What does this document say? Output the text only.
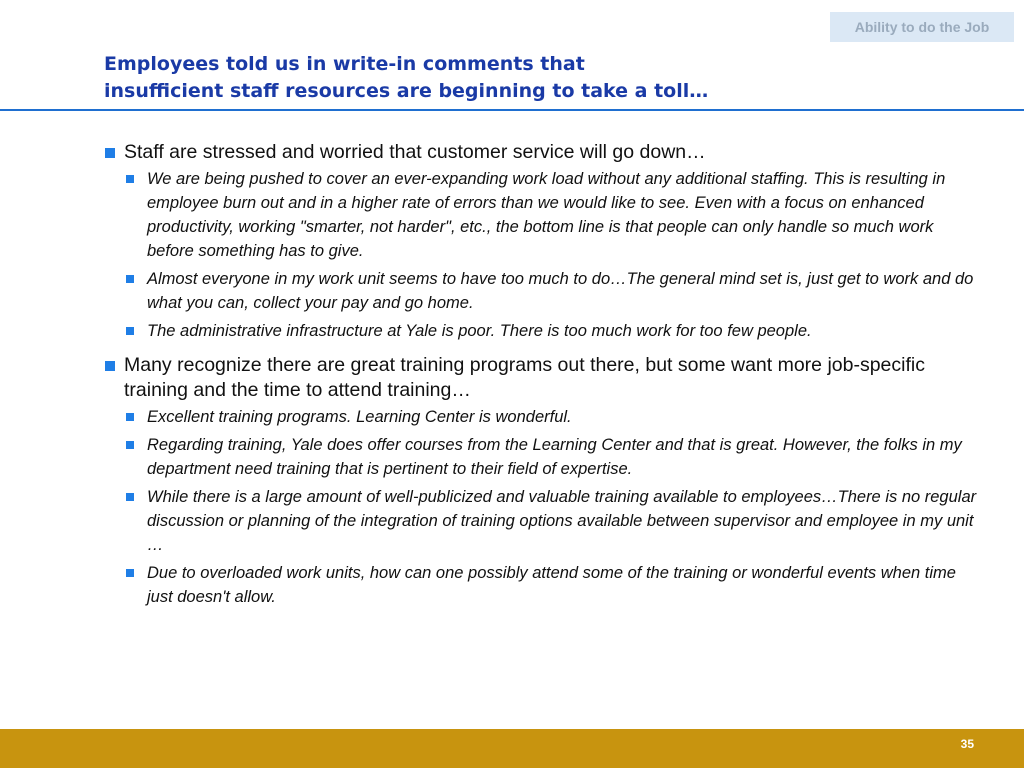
Ability to do the Job
Employees told us in write-in comments that
insufficient staff resources are beginning to take a toll…
Staff are stressed and worried that customer service will go down…
We are being pushed to cover an ever-expanding work load without any additional staffing. This is resulting in employee burn out and in a higher rate of errors than we would like to see. Even with a focus on enhanced productivity, working "smarter, not harder", etc., the bottom line is that people can only handle so much work before something has to give.
Almost everyone in my work unit seems to have too much to do…The general mind set is, just get to work and do what you can, collect your pay and go home.
The administrative infrastructure at Yale is poor. There is too much work for too few people.
Many recognize there are great training programs out there, but some want more job-specific training and the time to attend training…
Excellent training programs. Learning Center is wonderful.
Regarding training, Yale does offer courses from the Learning Center and that is great. However, the folks in my department need training that is pertinent to their field of expertise.
While there is a large amount of well-publicized and valuable training available to employees…There is no regular discussion or planning of the integration of training options available between supervisor and employee in my unit …
Due to overloaded work units, how can one possibly attend some of the training or wonderful events when time just doesn't allow.
35
